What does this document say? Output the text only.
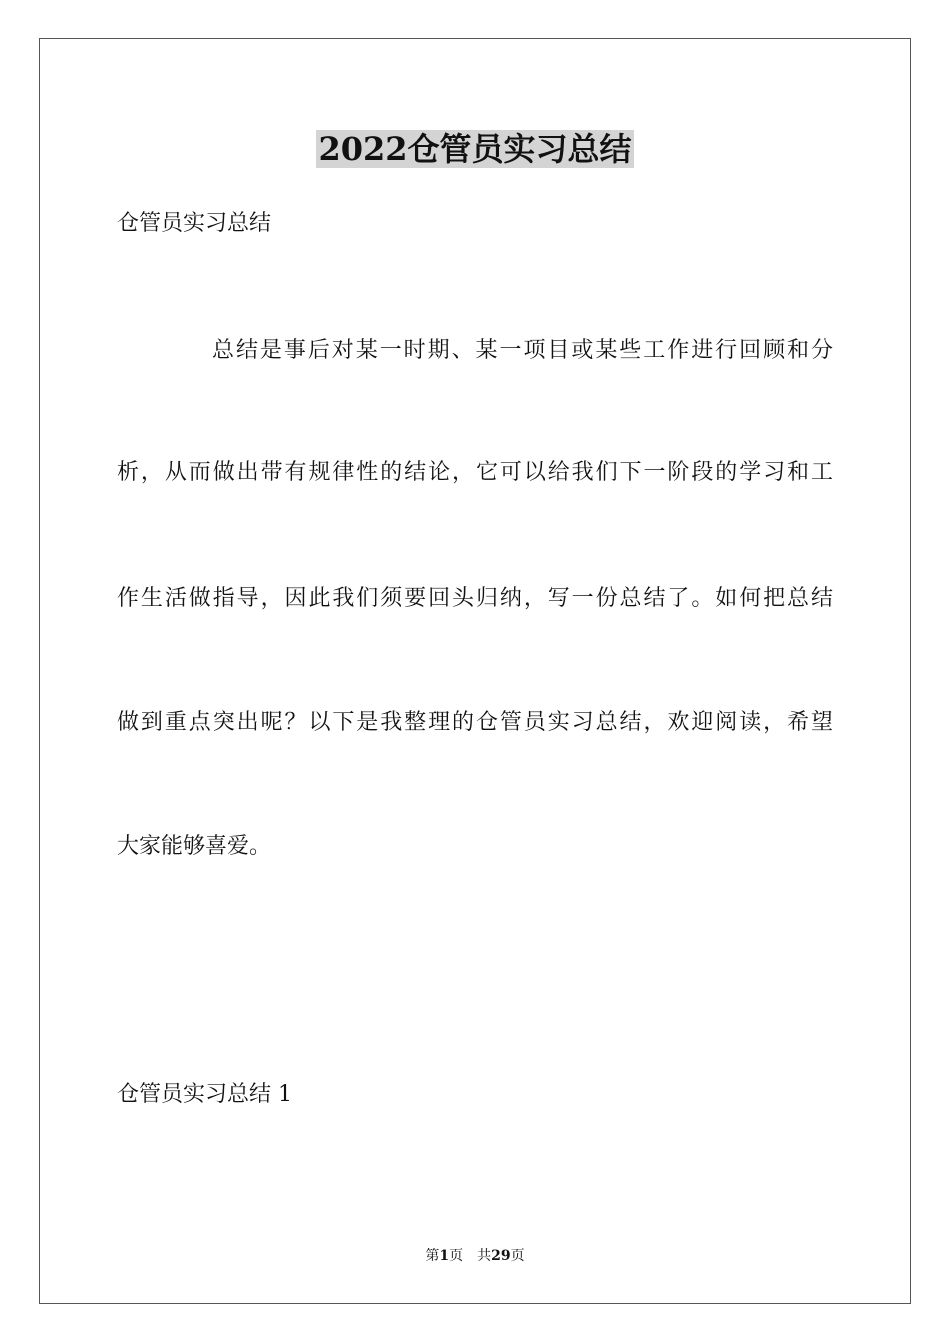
2022仓管员实习总结
仓管员实习总结
总结是事后对某一时期、某一项目或某些工作进行回顾和分
析，从而做出带有规律性的结论，它可以给我们下一阶段的学习和工
作生活做指导，因此我们须要回头归纳，写一份总结了。如何把总结
做到重点突出呢？以下是我整理的仓管员实习总结，欢迎阅读，希望
大家能够喜爱。
仓管员实习总结 1
第1页 共29页
